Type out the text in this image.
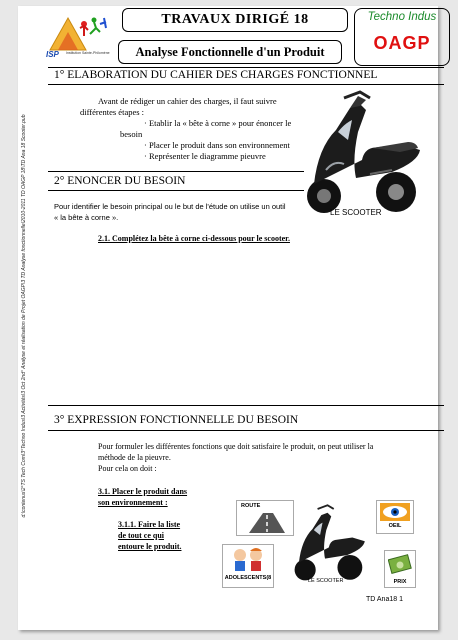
d:\contenus\2°TS Tech Com\3°Techno Indus\3 Activités\3 Oct 2nd° Analyse et réalisation de Projet OAGP\3 TD Analyse fonctionnelle\2010-2011 TD OAGP 18\TD Ana 18 Scooter.pub
ISP Institution Sainte-Philomène
TRAVAUX DIRIGÉ 18
Analyse Fonctionnelle d'un Produit
Techno Indus
OAGP
1° ELABORATION DU CAHIER DES CHARGES FONCTIONNEL
Avant de rédiger un cahier des charges, il faut suivre
différentes étapes :
· Etablir la « bête à corne » pour énoncer le
besoin
· Placer le produit dans son environnement
· Représenter le diagramme pieuvre
LE SCOOTER
2° ENONCER DU BESOIN
Pour identifier le besoin principal ou le but de l'étude on utilise un outil
« la bête à corne ».
2.1. Complétez la bête à corne ci-dessous pour le scooter.
3° EXPRESSION FONCTIONNELLE DU BESOIN
Pour formuler les différentes fonctions que doit satisfaire le produit, on peut utiliser la
méthode de la pieuvre.
Pour cela on doit :
3.1. Placer le produit dans
son environnement :
3.1.1. Faire la liste
de tout ce qui
entoure le produit.
ROUTE
OEIL
LE SCOOTER
ADOLESCENTS(8
PRIX
TD Ana18 1
